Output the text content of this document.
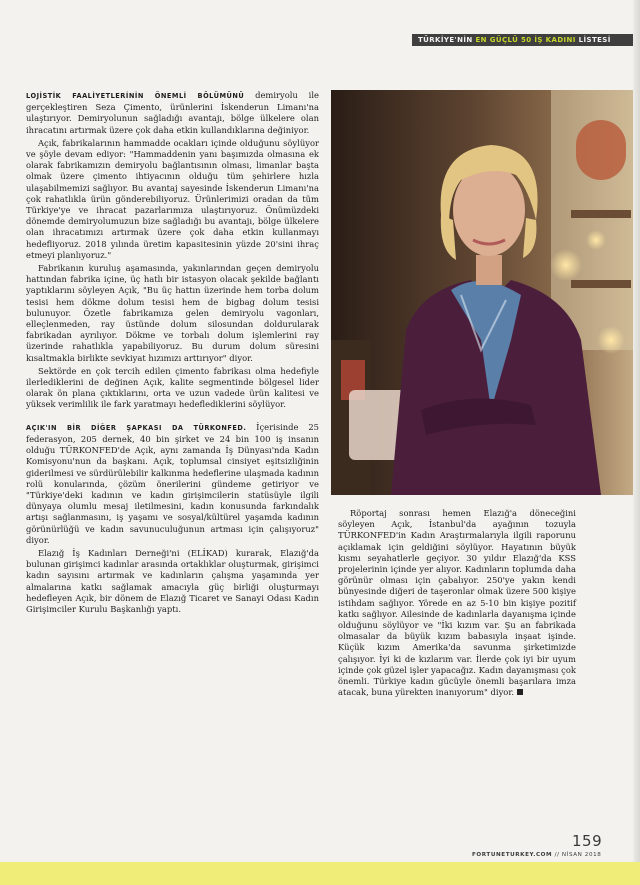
TÜRKİYE'NİN EN GÜÇLÜ 50 İŞ KADINI LİSTESİ

LOJİSTİK FAALİYETLERİNİN ÖNEMLİ BÖLÜMÜNÜ demiryolu ile gerçekleştiren Seza Çimento, ürünlerini İskenderun Limanı'na ulaştırıyor. Demiryolunun sağladığı avantajı, bölge ülkelere olan ihracatını artırmak üzere çok daha etkin kullandıklarına değiniyor.

Açık, fabrikalarının hammadde ocakları içinde olduğunu söylüyor ve şöyle devam ediyor: "Hammaddenin yanı başımızda olmasına ek olarak fabrikamızın demiryolu bağlantısının olması, limanlar başta olmak üzere çimento ihtiyacının olduğu tüm şehirlere hızla ulaşabilmemizi sağlıyor. Bu avantaj sayesinde İskenderun Limanı'na çok rahatlıkla ürün gönderebiliyoruz. Ürünlerimizi oradan da tüm Türkiye'ye ve ihracat pazarlarımıza ulaştırıyoruz. Önümüzdeki dönemde demiryolumuzun bize sağladığı bu avantajı, bölge ülkelere olan ihracatımızı artırmak üzere çok daha etkin kullanmayı hedefliyoruz. 2018 yılında üretim kapasitesinin yüzde 20'sini ihraç etmeyi planlıyoruz."

Fabrikanın kuruluş aşamasında, yakınlarından geçen demiryolu hattından fabrika içine, üç hatlı bir istasyon olacak şekilde bağlantı yaptıklarını söyleyen Açık, "Bu üç hattın üzerinde hem torba dolum tesisi hem dökme dolum tesisi hem de bigbag dolum tesisi bulunuyor. Özetle fabrikamıza gelen demiryolu vagonları, elleçlenmeden, ray üstünde dolum silosundan doldurularak fabrikadan ayrılıyor. Dökme ve torbalı dolum işlemlerini ray üzerinde rahatlıkla yapabiliyoruz. Bu durum dolum süresini kısaltmakla birlikte sevkiyat hızımızı arttırıyor" diyor.

Sektörde en çok tercih edilen çimento fabrikası olma hedefiyle ilerlediklerini de değinen Açık, kalite segmentinde bölgesel lider olarak ön plana çıktıklarını, orta ve uzun vadede ürün kalitesi ve yüksek verimlilik ile fark yaratmayı hedeflediklerini söylüyor.

AÇIK'IN BİR DİĞER ŞAPKASI DA TÜRKONFED. İçerisinde 25 federasyon, 205 dernek, 40 bin şirket ve 24 bin 100 iş insanın olduğu TÜRKONFED'de Açık, aynı zamanda İş Dünyası'nda Kadın Komisyonu'nun da başkanı. Açık, toplumsal cinsiyet eşitsizliğinin giderilmesi ve sürdürülebilir kalkınma hedeflerine ulaşmada kadının rolü konularında, çözüm önerilerini gündeme getiriyor ve "Türkiye'deki kadının ve kadın girişimcilerin statüsüyle ilgili dünyaya olumlu mesaj iletilmesini, kadın konusunda farkındalık artışı sağlanmasını, iş yaşamı ve sosyal/kültürel yaşamda kadının görünürlüğü ve kadın savunuculuğunun artması için çalışıyoruz" diyor.

Elazığ İş Kadınları Derneği'ni (ELİKAD) kurarak, Elazığ'da bulunan girişimci kadınlar arasında ortaklıklar oluşturmak, girişimci kadın sayısını artırmak ve kadınların çalışma yaşamında yer almalarına katkı sağlamak amacıyla güç birliği oluşturmayı hedefleyen Açık, bir dönem de Elazığ Ticaret ve Sanayi Odası Kadın Girişimciler Kurulu Başkanlığı yaptı.

Röportaj sonrası hemen Elazığ'a döneceğini söyleyen Açık, İstanbul'da ayağının tozuyla TÜRKONFED'in Kadın Araştırmalarıyla ilgili raporunu açıklamak için geldiğini söylüyor. Hayatının büyük kısmı seyahatlerle geçiyor. 30 yıldır Elazığ'da KSS projelerinin içinde yer alıyor. Kadınların toplumda daha görünür olması için çabalıyor. 250'ye yakın kendi bünyesinde diğeri de taşeronlar olmak üzere 500 kişiye istihdam sağlıyor. Yörede en az 5-10 bin kişiye pozitif katkı sağlıyor. Ailesinde de kadınlarla dayanışma içinde olduğunu söylüyor ve "İki kızım var. Şu an fabrikada olmasalar da büyük kızım babasıyla inşaat işinde. Küçük kızım Amerika'da savunma şirketimizde çalışıyor. İyi ki de kızlarım var. İlerde çok iyi bir uyum içinde çok güzel işler yapacağız. Kadın dayanışması çok önemli. Türkiye kadın gücüyle önemli başarılara imza atacak, buna yürekten inanıyorum" diyor.

159
FORTUNETURKEY.COM // NİSAN 2018
